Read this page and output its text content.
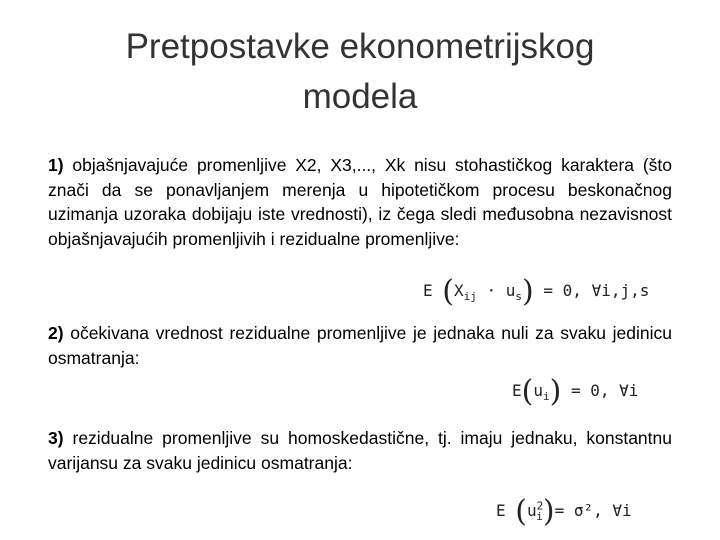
Pretpostavke ekonometrijskog
modela
1) objašnjavajuće promenljive X2, X3,..., Xk nisu stohastičkog karaktera (što znači da se ponavljanjem merenja u hipotetičkom procesu beskonačnog uzimanja uzoraka dobijaju iste vrednosti), iz čega sledi međusobna nezavisnost objašnjavajućih promenljivih i rezidualne promenljive:
E $(X_{ij} \cdot u_s) = 0$, ∀i,j,s
2) očekivana vrednost rezidualne promenljive je jednaka nuli za svaku jedinicu osmatranja:
$E(u_i) = 0$, ∀i
3) rezidualne promenljive su homoskedastične, tj. imaju jednaku, konstantnu varijansu za svaku jedinicu osmatranja:
E $(u^2_i)= \sigma^2$, ∀i
